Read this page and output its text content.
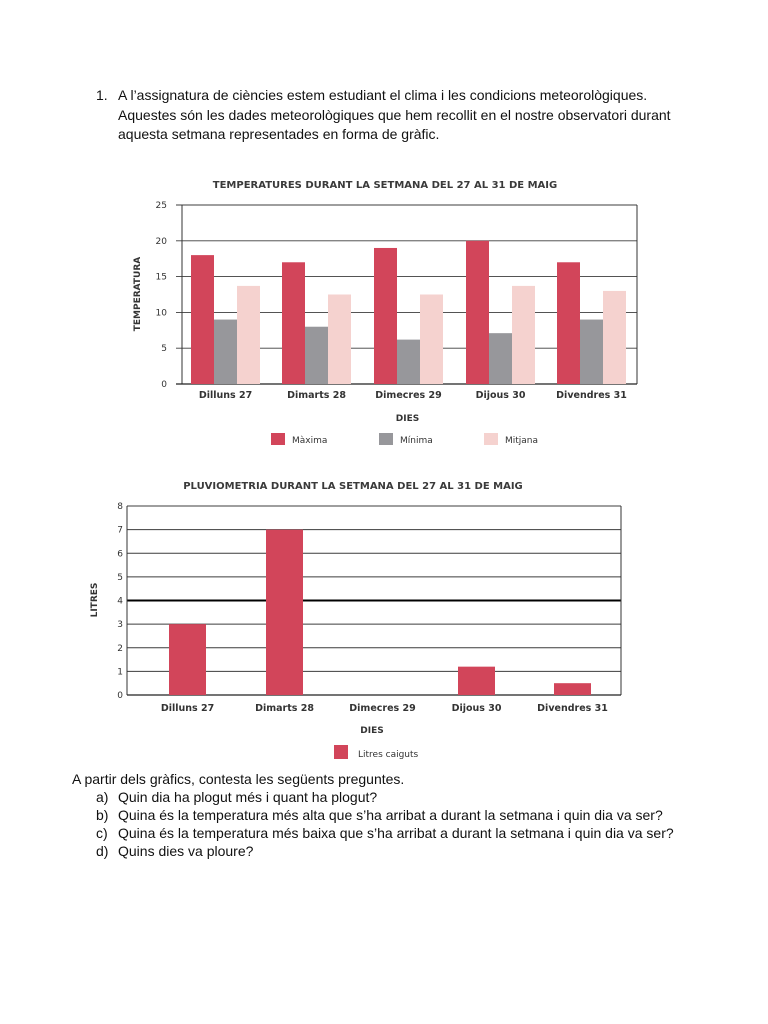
1. A l’assignatura de ciències estem estudiant el clima i les condicions meteorològiques.
Aquestes són les dades meteorològiques que hem recollit en el nostre observatori durant
aquesta setmana representades en forma de gràfic.
TEMPERATURES DURANT LA SETMANA DEL 27 AL 31 DE MAIG
0
5
10
15
20
25
TEMPERATURA
Dilluns 27	Dimarts 28	Dimecres 29	Dijous 30	Divendres 31
DIES
Màxima	Mínima	Mitjana
PLUVIOMETRIA DURANT LA SETMANA DEL 27 AL 31 DE MAIG
0
1
2
3
4
5
6
7
8
LITRES
Dilluns 27	Dimarts 28	Dimecres 29	Dijous 30	Divendres 31
DIES
Litres caiguts
A partir dels gràfics, contesta les següents preguntes.
a) Quin dia ha plogut més i quant ha plogut?
b) Quina és la temperatura més alta que s’ha arribat a durant la setmana i quin dia va ser?
c) Quina és la temperatura més baixa que s’ha arribat a durant la setmana i quin dia va ser?
d) Quins dies va ploure?
